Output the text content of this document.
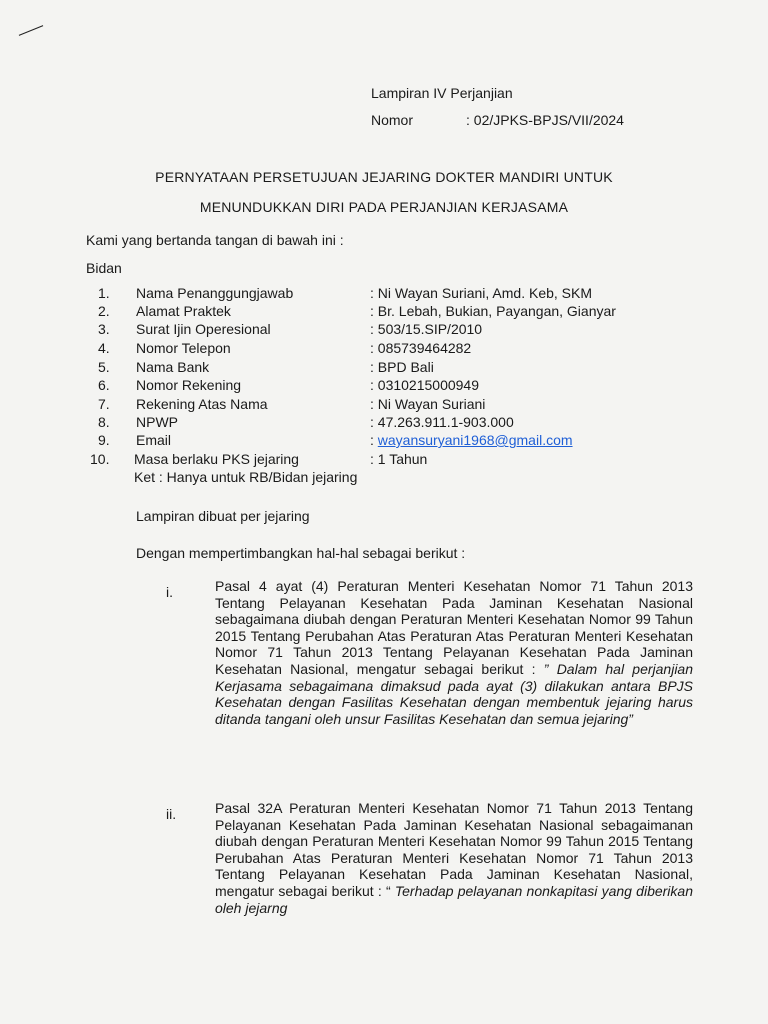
Lampiran IV Perjanjian
Nomor	: 02/JPKS-BPJS/VII/2024
PERNYATAAN PERSETUJUAN JEJARING DOKTER MANDIRI UNTUK
MENUNDUKKAN DIRI PADA PERJANJIAN KERJASAMA
Kami yang bertanda tangan di bawah ini :
Bidan
1. Nama Penanggungjawab	: Ni Wayan Suriani, Amd. Keb, SKM
2. Alamat Praktek	: Br. Lebah, Bukian, Payangan, Gianyar
3. Surat Ijin Operesional	: 503/15.SIP/2010
4. Nomor Telepon	: 085739464282
5. Nama Bank	: BPD Bali
6. Nomor Rekening	: 0310215000949
7. Rekening Atas Nama	: Ni Wayan Suriani
8. NPWP	: 47.263.911.1-903.000
9. Email	: wayansuryani1968@gmail.com
10. Masa berlaku PKS jejaring	: 1 Tahun
Ket : Hanya untuk RB/Bidan jejaring
Lampiran dibuat per jejaring
Dengan mempertimbangkan hal-hal sebagai berikut :
i.	Pasal 4 ayat (4) Peraturan Menteri Kesehatan Nomor 71 Tahun 2013 Tentang Pelayanan Kesehatan Pada Jaminan Kesehatan Nasional sebagaimana diubah dengan Peraturan Menteri Kesehatan Nomor 99 Tahun 2015 Tentang Perubahan Atas Peraturan Atas Peraturan Menteri Kesehatan Nomor 71 Tahun 2013 Tentang Pelayanan Kesehatan Pada Jaminan Kesehatan Nasional, mengatur sebagai berikut : ” Dalam hal perjanjian Kerjasama sebagaimana dimaksud pada ayat (3) dilakukan antara BPJS Kesehatan dengan Fasilitas Kesehatan dengan membentuk jejaring harus ditanda tangani oleh unsur Fasilitas Kesehatan dan semua jejaring”
ii.	Pasal 32A Peraturan Menteri Kesehatan Nomor 71 Tahun 2013 Tentang Pelayanan Kesehatan Pada Jaminan Kesehatan Nasional sebagaimanan diubah dengan Peraturan Menteri Kesehatan Nomor 99 Tahun 2015 Tentang Perubahan Atas Peraturan Menteri Kesehatan Nomor 71 Tahun 2013 Tentang Pelayanan Kesehatan Pada Jaminan Kesehatan Nasional, mengatur sebagai berikut : “ Terhadap pelayanan nonkapitasi yang diberikan oleh jejarng
